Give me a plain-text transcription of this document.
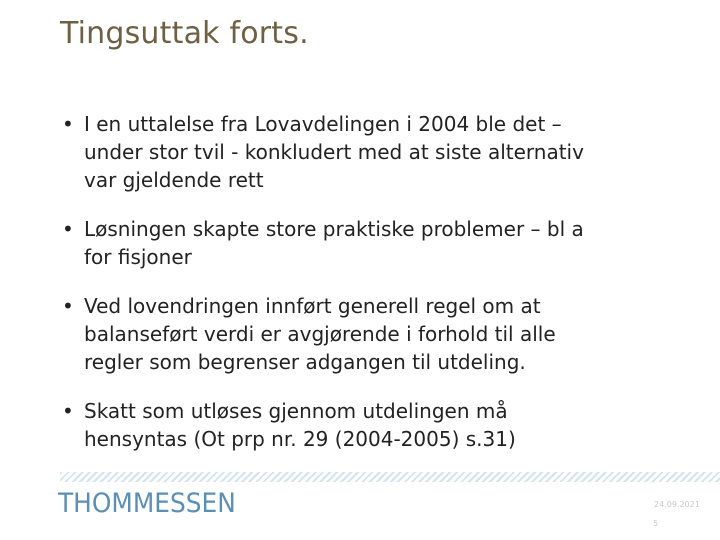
Tingsuttak forts.
• I en uttalelse fra Lovavdelingen i 2004 ble det –
under stor tvil - konkludert med at siste alternativ
var gjeldende rett
• Løsningen skapte store praktiske problemer – bl a
for fisjoner
• Ved lovendringen innført generell regel om at
balanseført verdi er avgjørende i forhold til alle
regler som begrenser adgangen til utdeling.
• Skatt som utløses gjennom utdelingen må
hensyntas (Ot prp nr. 29 (2004-2005) s.31)
THOMMESSEN	24.09.2021
5
